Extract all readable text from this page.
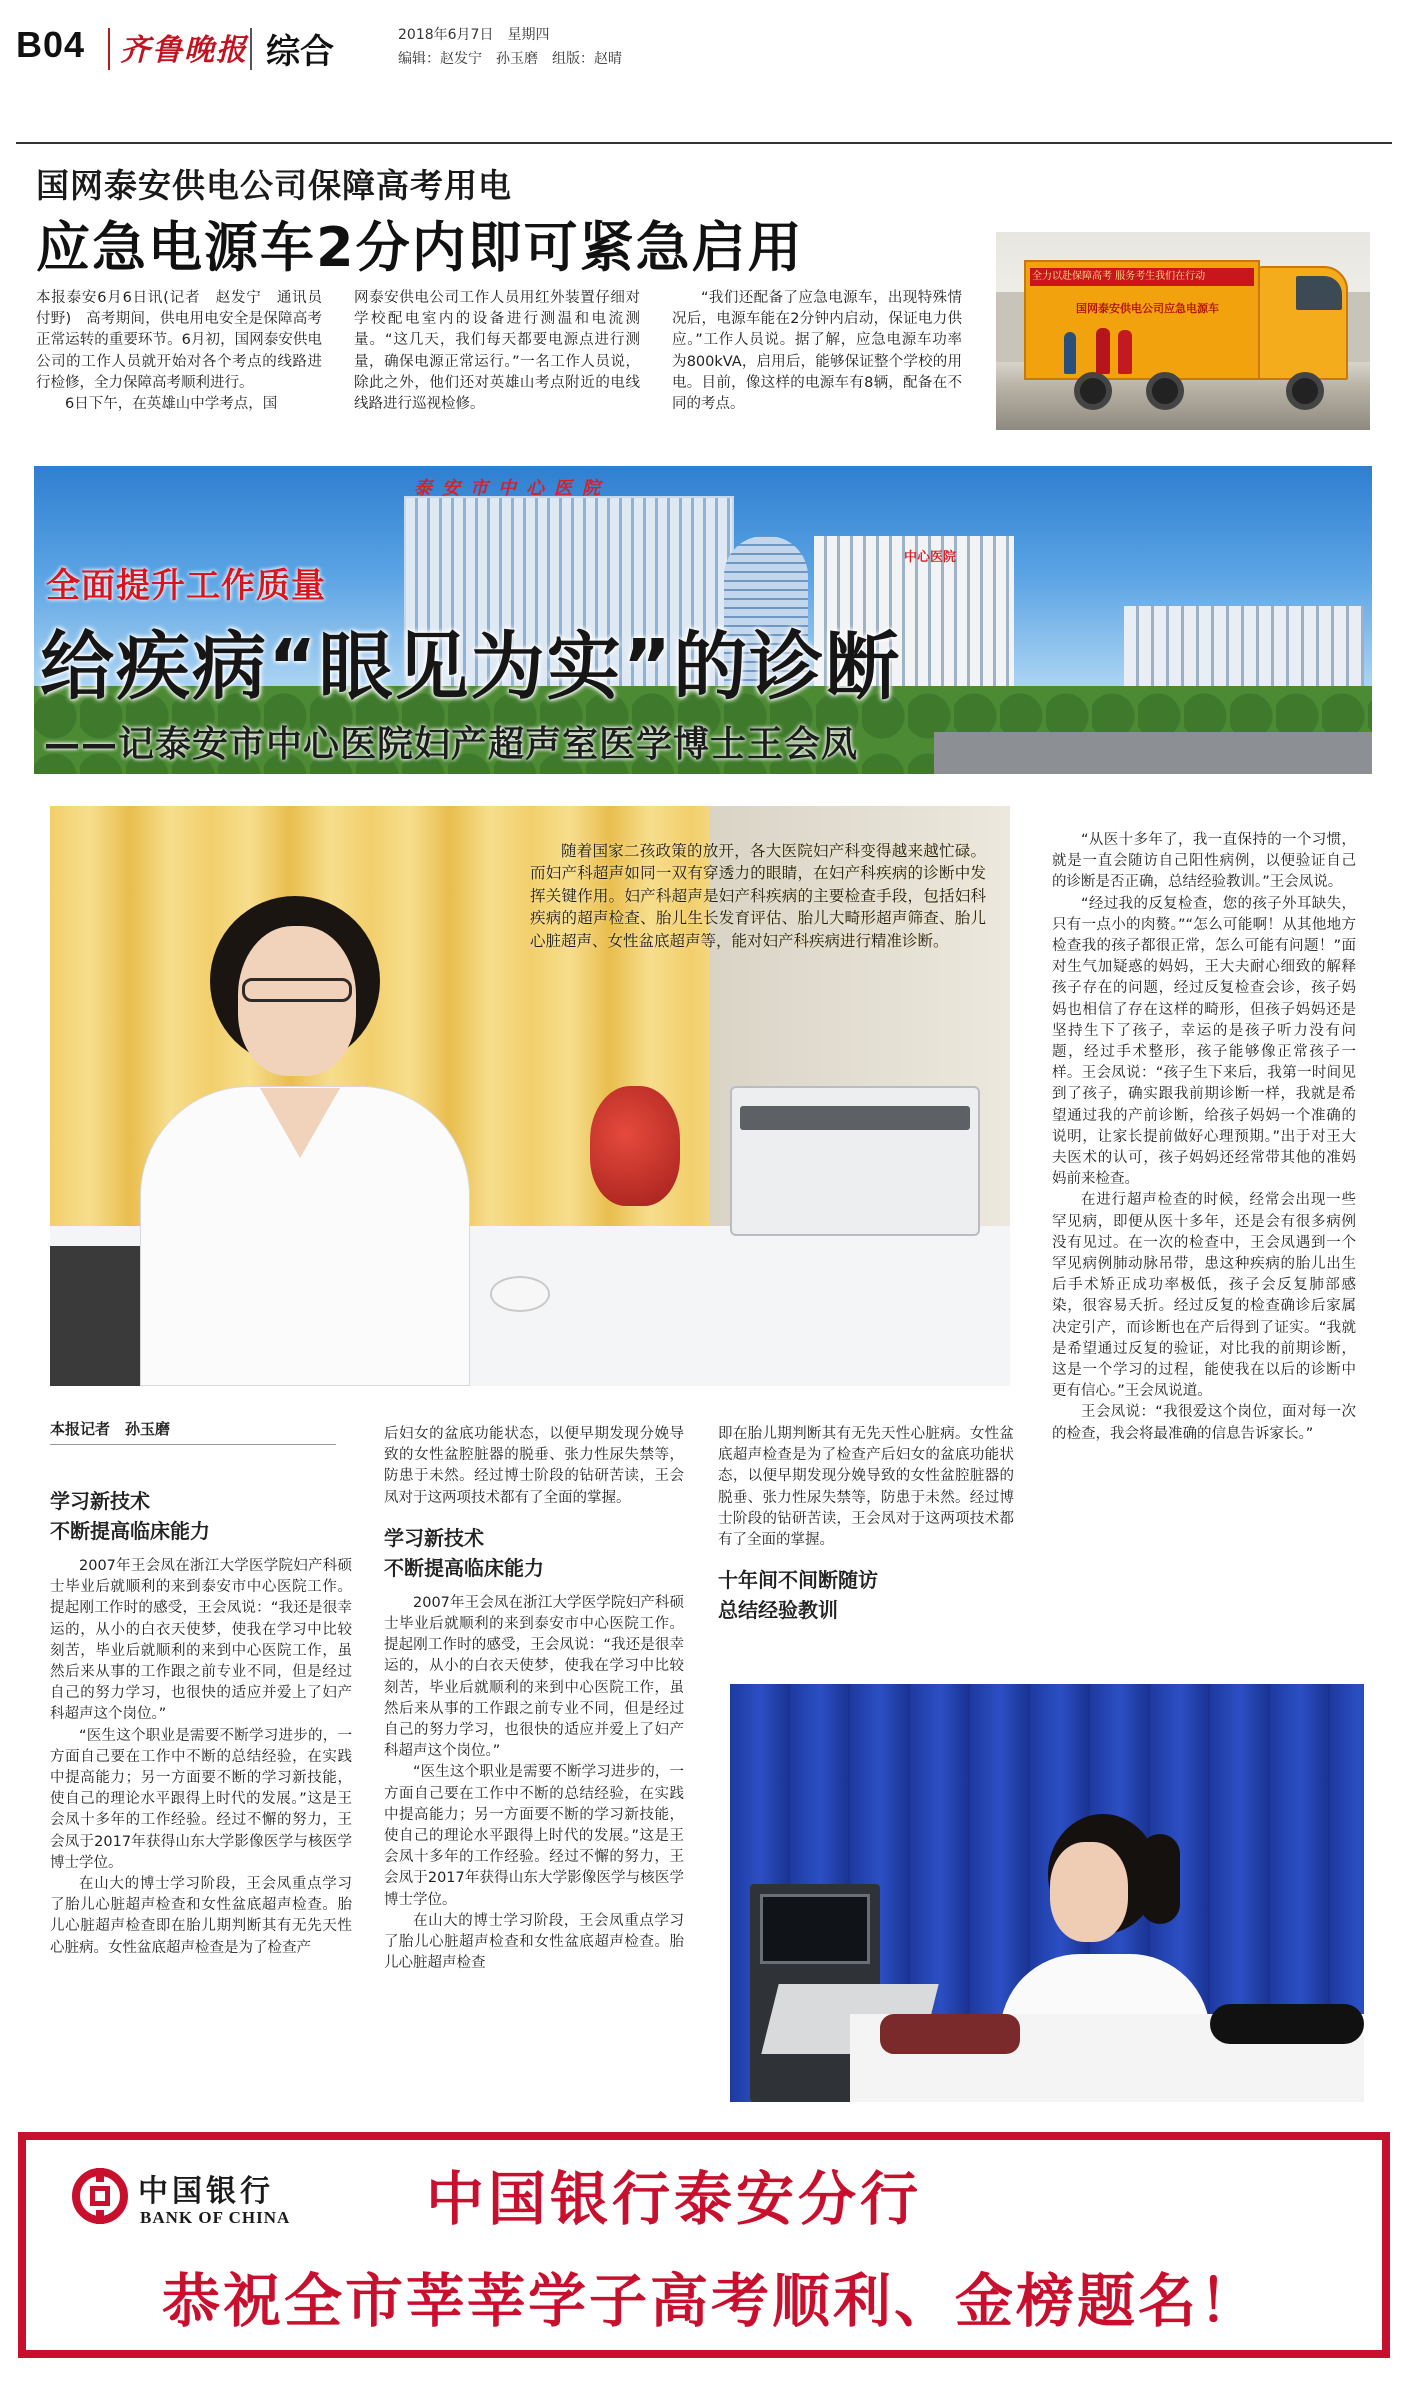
B04 齐鲁晚报 综合	2018年6月7日　星期四
编辑：赵发宁　孙玉磨　组版：赵晴
国网泰安供电公司保障高考用电
应急电源车2分内即可紧急启用

本报泰安6月6日讯(记者　赵发宁　通讯员　付野)　高考期间，供电用电安全是保障高考正常运转的重要环节。6月初，国网泰安供电公司的工作人员就开始对各个考点的线路进行检修，全力保障高考顺利进行。

6日下午，在英雄山中学考点，国

网泰安供电公司工作人员用红外装置仔细对学校配电室内的设备进行测温和电流测量。“这几天，我们每天都要电源点进行测量，确保电源正常运行。”一名工作人员说，除此之外，他们还对英雄山考点附近的电线线路进行巡视检修。

“我们还配备了应急电源车，出现特殊情况后，电源车能在2分钟内启动，保证电力供应。”工作人员说。据了解，应急电源车功率为800kVA，启用后，能够保证整个学校的用电。目前，像这样的电源车有8辆，配备在不同的考点。

全力以赴保障高考 服务考生我们在行动
国网泰安供电公司应急电源车
泰安市中心医院
中心医院
全面提升工作质量
给疾病“眼见为实”的诊断
——记泰安市中心医院妇产超声室医学博士王会凤
随着国家二孩政策的放开，各大医院妇产科变得越来越忙碌。而妇产科超声如同一双有穿透力的眼睛，在妇产科疾病的诊断中发挥关键作用。妇产科超声是妇产科疾病的主要检查手段，包括妇科疾病的超声检查、胎儿生长发育评估、胎儿大畸形超声筛查、胎儿心脏超声、女性盆底超声等，能对妇产科疾病进行精准诊断。
本报记者　孙玉磨
学习新技术
不断提高临床能力

2007年王会凤在浙江大学医学院妇产科硕士毕业后就顺利的来到泰安市中心医院工作。提起刚工作时的感受，王会凤说：“我还是很幸运的，从小的白衣天使梦，使我在学习中比较刻苦，毕业后就顺利的来到中心医院工作，虽然后来从事的工作跟之前专业不同，但是经过自己的努力学习，也很快的适应并爱上了妇产科超声这个岗位。”

“医生这个职业是需要不断学习进步的，一方面自己要在工作中不断的总结经验，在实践中提高能力；另一方面要不断的学习新技能，使自己的理论水平跟得上时代的发展。”这是王会凤十多年的工作经验。经过不懈的努力，王会凤于2017年获得山东大学影像医学与核医学博士学位。

在山大的博士学习阶段，王会凤重点学习了胎儿心脏超声检查和女性盆底超声检查。胎儿心脏超声检查即在胎儿期判断其有无先天性心脏病。女性盆底超声检查是为了检查产

后妇女的盆底功能状态，以便早期发现分娩导致的女性盆腔脏器的脱垂、张力性尿失禁等，防患于未然。经过博士阶段的钻研苦读，王会凤对于这两项技术都有了全面的掌握。

学习新技术
不断提高临床能力

2007年王会凤在浙江大学医学院妇产科硕士毕业后就顺利的来到泰安市中心医院工作。提起刚工作时的感受，王会凤说：“我还是很幸运的，从小的白衣天使梦，使我在学习中比较刻苦，毕业后就顺利的来到中心医院工作，虽然后来从事的工作跟之前专业不同，但是经过自己的努力学习，也很快的适应并爱上了妇产科超声这个岗位。”

“医生这个职业是需要不断学习进步的，一方面自己要在工作中不断的总结经验，在实践中提高能力；另一方面要不断的学习新技能，使自己的理论水平跟得上时代的发展。”这是王会凤十多年的工作经验。经过不懈的努力，王会凤于2017年获得山东大学影像医学与核医学博士学位。

在山大的博士学习阶段，王会凤重点学习了胎儿心脏超声检查和女性盆底超声检查。胎儿心脏超声检查

即在胎儿期判断其有无先天性心脏病。女性盆底超声检查是为了检查产后妇女的盆底功能状态，以便早期发现分娩导致的女性盆腔脏器的脱垂、张力性尿失禁等，防患于未然。经过博士阶段的钻研苦读，王会凤对于这两项技术都有了全面的掌握。

十年间不间断随访
总结经验教训

“从医十多年了，我一直保持的一个习惯，就是一直会随访自己阳性病例，以便验证自己的诊断是否正确，总结经验教训。”王会凤说。

“经过我的反复检查，您的孩子外耳缺失，只有一点小的肉赘。”“怎么可能啊！从其他地方检查我的孩子都很正常，怎么可能有问题！”面对生气加疑惑的妈妈，王大夫耐心细致的解释孩子存在的问题，经过反复检查会诊，孩子妈妈也相信了存在这样的畸形，但孩子妈妈还是坚持生下了孩子，幸运的是孩子听力没有问题，经过手术整形，孩子能够像正常孩子一样。王会凤说：“孩子生下来后，我第一时间见到了孩子，确实跟我前期诊断一样，我就是希望通过我的产前诊断，给孩子妈妈一个准确的说明，让家长提前做好心理预期。”出于对王大夫医术的认可，孩子妈妈还经常带其他的准妈妈前来检查。

在进行超声检查的时候，经常会出现一些罕见病，即便从医十多年，还是会有很多病例没有见过。在一次的检查中，王会凤遇到一个罕见病例肺动脉吊带，患这种疾病的胎儿出生后手术矫正成功率极低，孩子会反复肺部感染，很容易夭折。经过反复的检查确诊后家属决定引产，而诊断也在产后得到了证实。“我就是希望通过反复的验证，对比我的前期诊断，这是一个学习的过程，能使我在以后的诊断中更有信心。”王会凤说道。

王会凤说：“我很爱这个岗位，面对每一次的检查，我会将最准确的信息告诉家长。”

中国银行
BANK OF CHINA 中国银行泰安分行
恭祝全市莘莘学子高考顺利、金榜题名！
